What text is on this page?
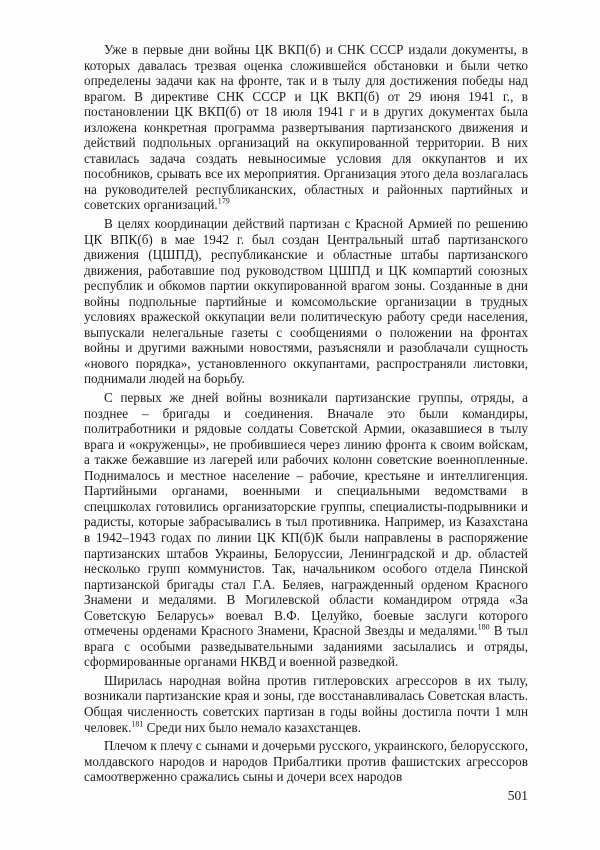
Уже в первые дни войны ЦК ВКП(б) и СНК СССР издали документы, в которых давалась трезвая оценка сложившейся обстановки и были четко определены задачи как на фронте, так и в тылу для достижения победы над врагом. В директиве СНК СССР и ЦК ВКП(б) от 29 июня 1941 г., в постановлении ЦК ВКП(б) от 18 июля 1941 г и в других документах была изложена конкретная программа развертывания партизанского движения и действий подпольных организаций на оккупированной территории. В них ставилась задача создать невыносимые условия для оккупантов и их пособников, срывать все их мероприятия. Организация этого дела возлагалась на руководителей республиканских, областных и районных партийных и советских организаций.$^{179}$

В целях координации действий партизан с Красной Армией по решению ЦК ВПК(б) в мае 1942 г. был создан Центральный штаб партизанского движения (ЦШПД), республиканские и областные штабы партизанского движения, работавшие под руководством ЦШПД и ЦК компартий союзных республик и обкомов партии оккупированной врагом зоны. Созданные в дни войны подпольные партийные и комсомольские организации в трудных условиях вражеской оккупации вели политическую работу среди населения, выпускали нелегальные газеты с сообщениями о положении на фронтах войны и другими важными новостями, разъясняли и разоблачали сущность «нового порядка», установленного оккупантами, распространяли листовки, поднимали людей на борьбу.

С первых же дней войны возникали партизанские группы, отряды, а позднее – бригады и соединения. Вначале это были командиры, политработники и рядовые солдаты Советской Армии, оказавшиеся в тылу врага и «окруженцы», не пробившиеся через линию фронта к своим войскам, а также бежавшие из лагерей или рабочих колонн советские военнопленные. Поднималось и местное население – рабочие, крестьяне и интеллигенция. Партийными органами, военными и специальными ведомствами в спецшколах готовились организаторские группы, специалисты-подрывники и радисты, которые забрасывались в тыл противника. Например, из Казахстана в 1942–1943 годах по линии ЦК КП(б)К были направлены в распоряжение партизанских штабов Украины, Белоруссии, Ленинградской и др. областей несколько групп коммунистов. Так, начальником особого отдела Пинской партизанской бригады стал Г.А. Беляев, награжденный орденом Красного Знамени и медалями. В Могилевской области командиром отряда «За Советскую Беларусь» воевал В.Ф. Целуйко, боевые заслуги которого отмечены орденами Красного Знамени, Красной Звезды и медалями.$^{180}$ В тыл врага с особыми разведывательными заданиями засылались и отряды, сформированные органами НКВД и военной разведкой.

Ширилась народная война против гитлеровских агрессоров в их тылу, возникали партизанские края и зоны, где восстанавливалась Советская власть. Общая численность советских партизан в годы войны достигла почти 1 млн человек.$^{181}$ Среди них было немало казахстанцев.

Плечом к плечу с сынами и дочерьми русского, украинского, белорусского, молдавского народов и народов Прибалтики против фашистских агрессоров самоотверженно сражались сыны и дочери всех народов

501
